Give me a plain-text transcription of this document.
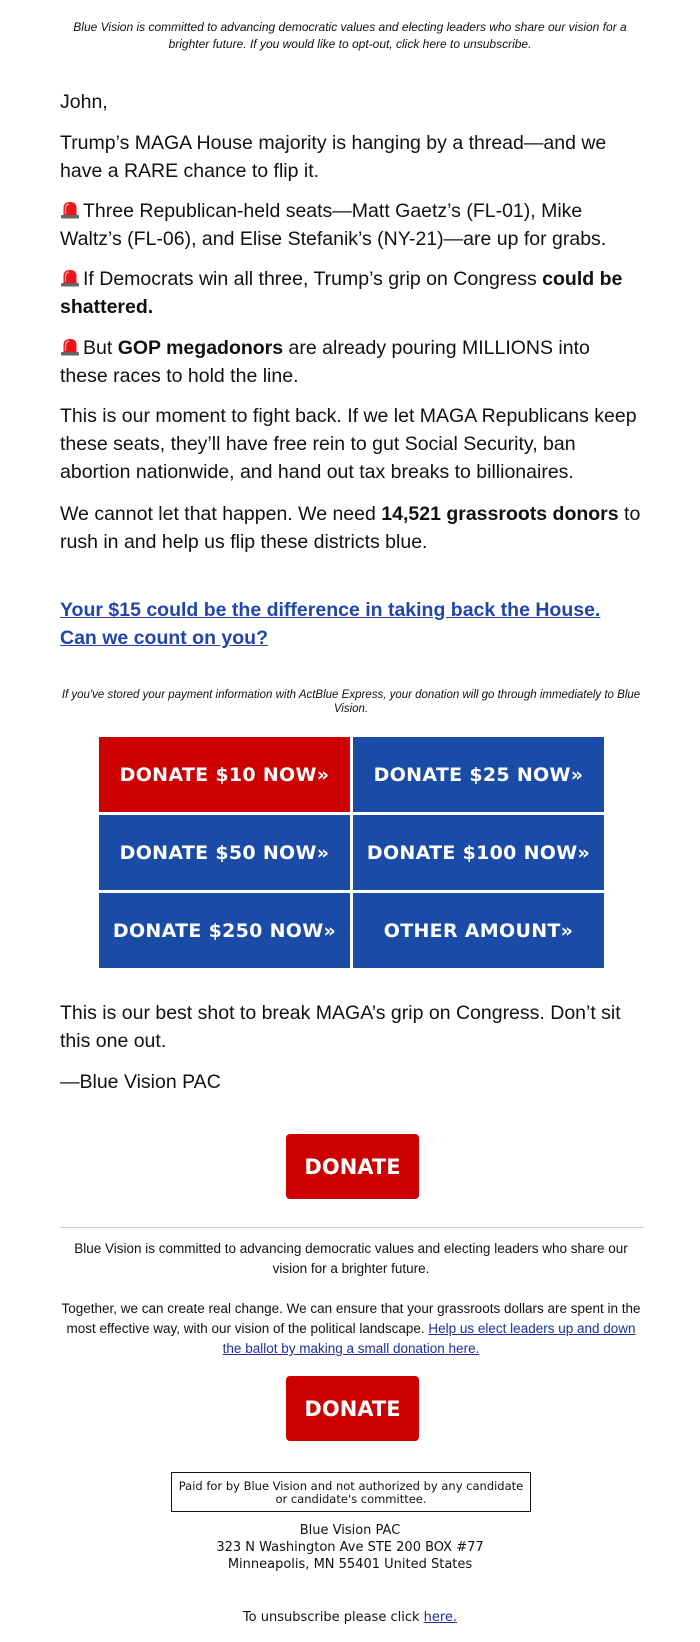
Blue Vision is committed to advancing democratic values and electing leaders who share our vision for a brighter future. If you would like to opt-out, click here to unsubscribe.

John,

Trump’s MAGA House majority is hanging by a thread—and we have a RARE chance to flip it.

Three Republican-held seats—Matt Gaetz’s (FL-01), Mike Waltz’s (FL-06), and Elise Stefanik’s (NY-21)—are up for grabs.

If Democrats win all three, Trump’s grip on Congress could be shattered.

But GOP megadonors are already pouring MILLIONS into these races to hold the line.

This is our moment to fight back. If we let MAGA Republicans keep these seats, they’ll have free rein to gut Social Security, ban abortion nationwide, and hand out tax breaks to billionaires.

We cannot let that happen. We need 14,521 grassroots donors to rush in and help us flip these districts blue.

Your $15 could be the difference in taking back the House. Can we count on you?
If you've stored your payment information with ActBlue Express, your donation will go through immediately to Blue Vision.
DONATE $10 NOW»	DONATE $25 NOW»
DONATE $50 NOW»	DONATE $100 NOW»
DONATE $250 NOW»	OTHER AMOUNT»

This is our best shot to break MAGA’s grip on Congress. Don’t sit this one out.

—Blue Vision PAC

DONATE
Blue Vision is committed to advancing democratic values and electing leaders who share our vision for a brighter future.
Together, we can create real change. We can ensure that your grassroots dollars are spent in the most effective way, with our vision of the political landscape. Help us elect leaders up and down the ballot by making a small donation here.
DONATE
Paid for by Blue Vision and not authorized by any candidate or candidate's committee.
Blue Vision PAC
323 N Washington Ave STE 200 BOX #77
Minneapolis, MN 55401 United States
To unsubscribe please click here.
